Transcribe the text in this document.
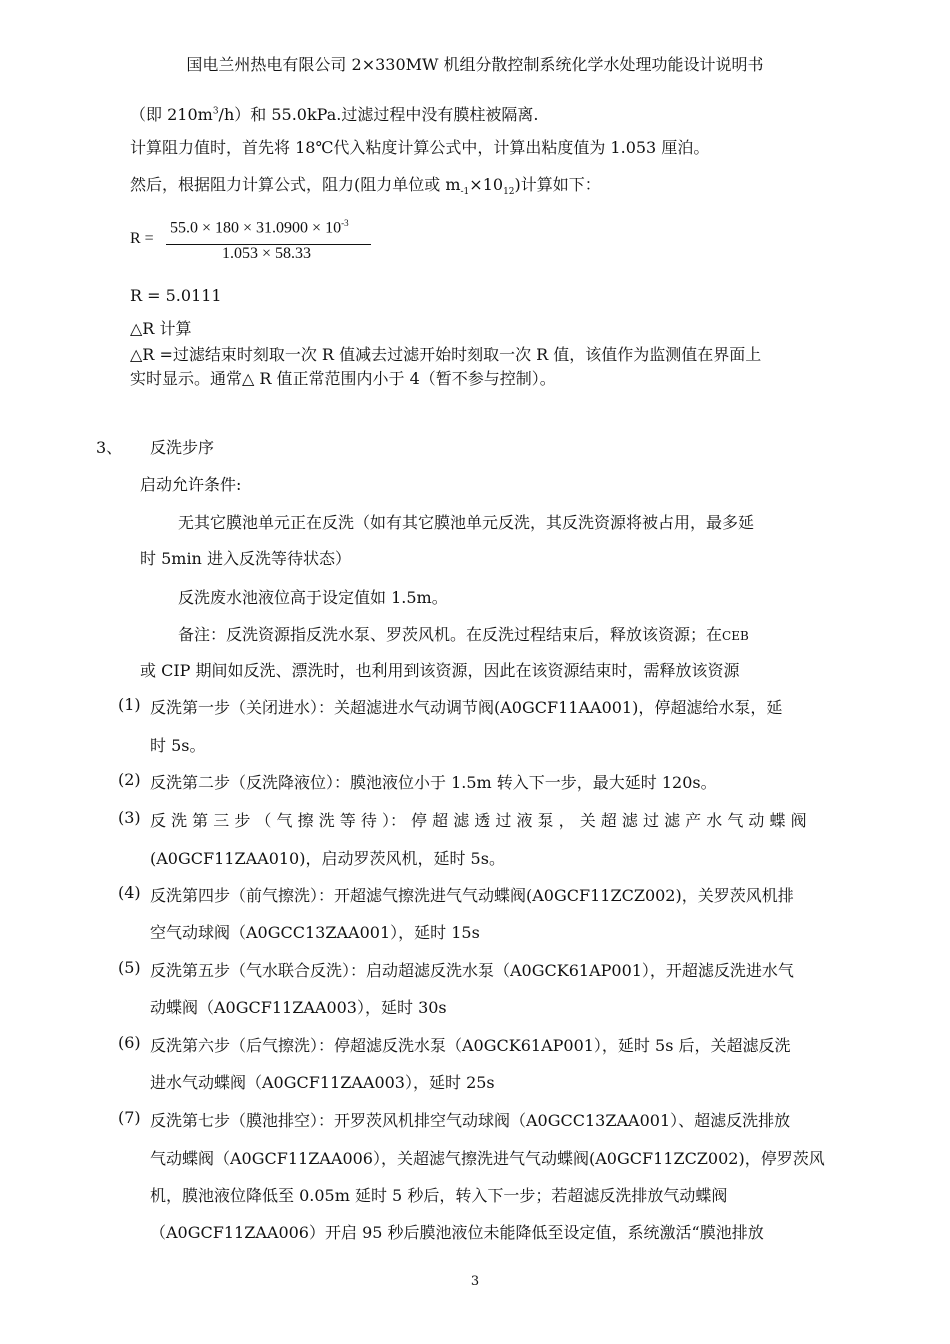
国电兰州热电有限公司 2×330MW 机组分散控制系统化学水处理功能设计说明书
（即 $210m^3/h$）和 55.0kPa.过滤过程中没有膜柱被隔离.
计算阻力值时，首先将 18℃代入粘度计算公式中，计算出粘度值为 1.053 厘泊。
然后，根据阻力计算公式，阻力(阻力单位或 $m_{-1}\times 10_{12}$)计算如下：
R =
$55.0 \times 180 \times 31.0900 \times 10^{-3}$
1.053 × 58.33
R = 5.0111
△R 计算
△R =过滤结束时刻取一次 R 值减去过滤开始时刻取一次 R 值，该值作为监测值在界面上
实时显示。通常△ R 值正常范围内小于 4（暂不参与控制）。
3、 反洗步序
启动允许条件:
无其它膜池单元正在反洗（如有其它膜池单元反洗，其反洗资源将被占用，最多延
时 5min 进入反洗等待状态）
反洗废水池液位高于设定值如 1.5m。
备注：反洗资源指反洗水泵、罗茨风机。在反洗过程结束后，释放该资源；在CEB
或 CIP 期间如反洗、漂洗时，也利用到该资源，因此在该资源结束时，需释放该资源
(1) 反洗第一步（关闭进水）：关超滤进水气动调节阀(A0GCF11AA001)，停超滤给水泵，延
时 5s。
(2) 反洗第二步（反洗降液位）：膜池液位小于 1.5m 转入下一步，最大延时 120s。
(3) 反 洗 第 三 步 （ 气 擦 洗 等 待 ）： 停 超 滤 透 过 液 泵 ， 关 超 滤 过 滤 产 水 气 动 蝶 阀
(A0GCF11ZAA010)，启动罗茨风机，延时 5s。
(4) 反洗第四步（前气擦洗）：开超滤气擦洗进气气动蝶阀(A0GCF11ZCZ002)，关罗茨风机排
空气动球阀（A0GCC13ZAA001），延时 15s
(5) 反洗第五步（气水联合反洗）：启动超滤反洗水泵（A0GCK61AP001），开超滤反洗进水气
动蝶阀（A0GCF11ZAA003），延时 30s
(6) 反洗第六步（后气擦洗）：停超滤反洗水泵（A0GCK61AP001），延时 5s 后，关超滤反洗
进水气动蝶阀（A0GCF11ZAA003），延时 25s
(7) 反洗第七步（膜池排空）：开罗茨风机排空气动球阀（A0GCC13ZAA001）、超滤反洗排放
气动蝶阀（A0GCF11ZAA006），关超滤气擦洗进气气动蝶阀(A0GCF11ZCZ002)，停罗茨风
机，膜池液位降低至 0.05m 延时 5 秒后，转入下一步；若超滤反洗排放气动蝶阀
（A0GCF11ZAA006）开启 95 秒后膜池液位未能降低至设定值，系统激活“膜池排放
3
